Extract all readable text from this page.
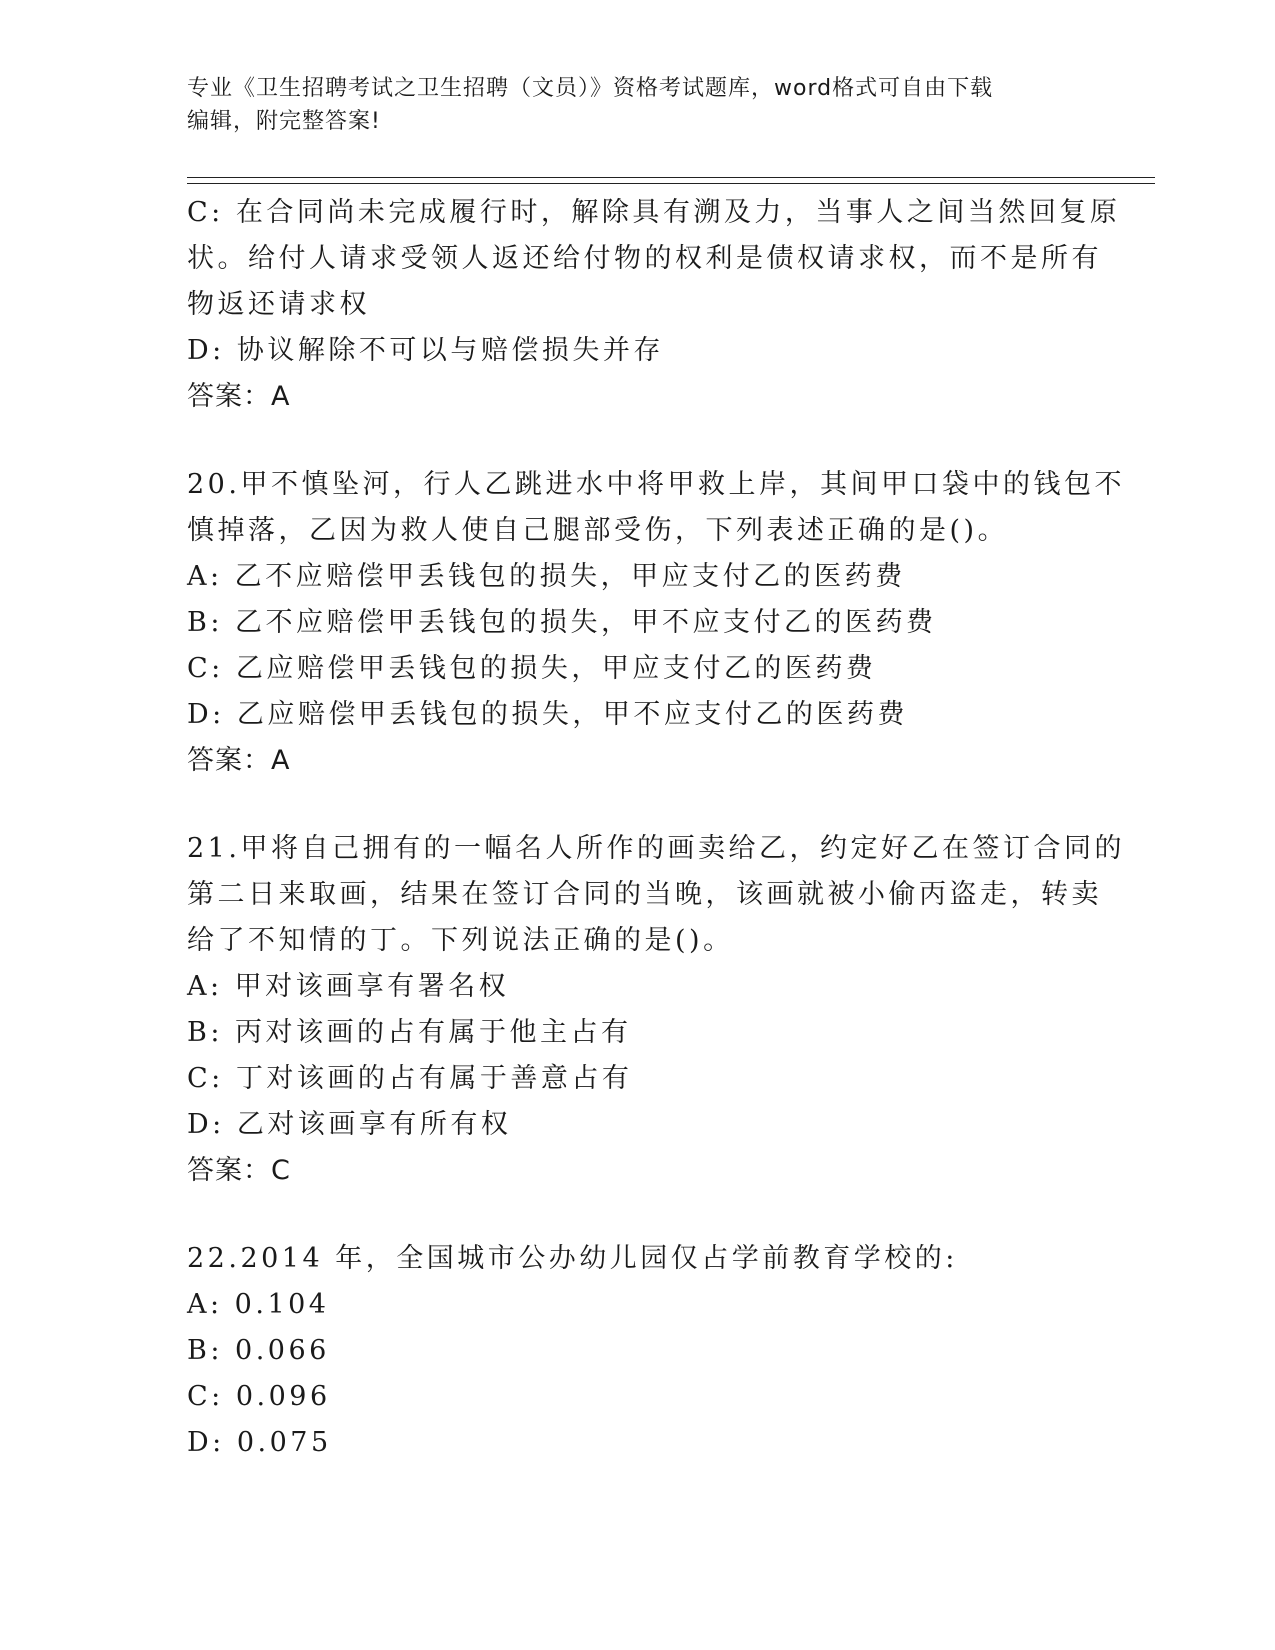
专业《卫生招聘考试之卫生招聘（文员）》资格考试题库，word格式可自由下载
编辑，附完整答案!
C: 在合同尚未完成履行时，解除具有溯及力，当事人之间当然回复原
状。给付人请求受领人返还给付物的权利是债权请求权，而不是所有
物返还请求权
D: 协议解除不可以与赔偿损失并存
答案：A
20.甲不慎坠河，行人乙跳进水中将甲救上岸，其间甲口袋中的钱包不
慎掉落，乙因为救人使自己腿部受伤，下列表述正确的是()。
A: 乙不应赔偿甲丢钱包的损失，甲应支付乙的医药费
B: 乙不应赔偿甲丢钱包的损失，甲不应支付乙的医药费
C: 乙应赔偿甲丢钱包的损失，甲应支付乙的医药费
D: 乙应赔偿甲丢钱包的损失，甲不应支付乙的医药费
答案：A
21.甲将自己拥有的一幅名人所作的画卖给乙，约定好乙在签订合同的
第二日来取画，结果在签订合同的当晚，该画就被小偷丙盗走，转卖
给了不知情的丁。下列说法正确的是()。
A: 甲对该画享有署名权
B: 丙对该画的占有属于他主占有
C: 丁对该画的占有属于善意占有
D: 乙对该画享有所有权
答案：C
22.2014 年，全国城市公办幼儿园仅占学前教育学校的:
A: 0.104
B: 0.066
C: 0.096
D: 0.075
